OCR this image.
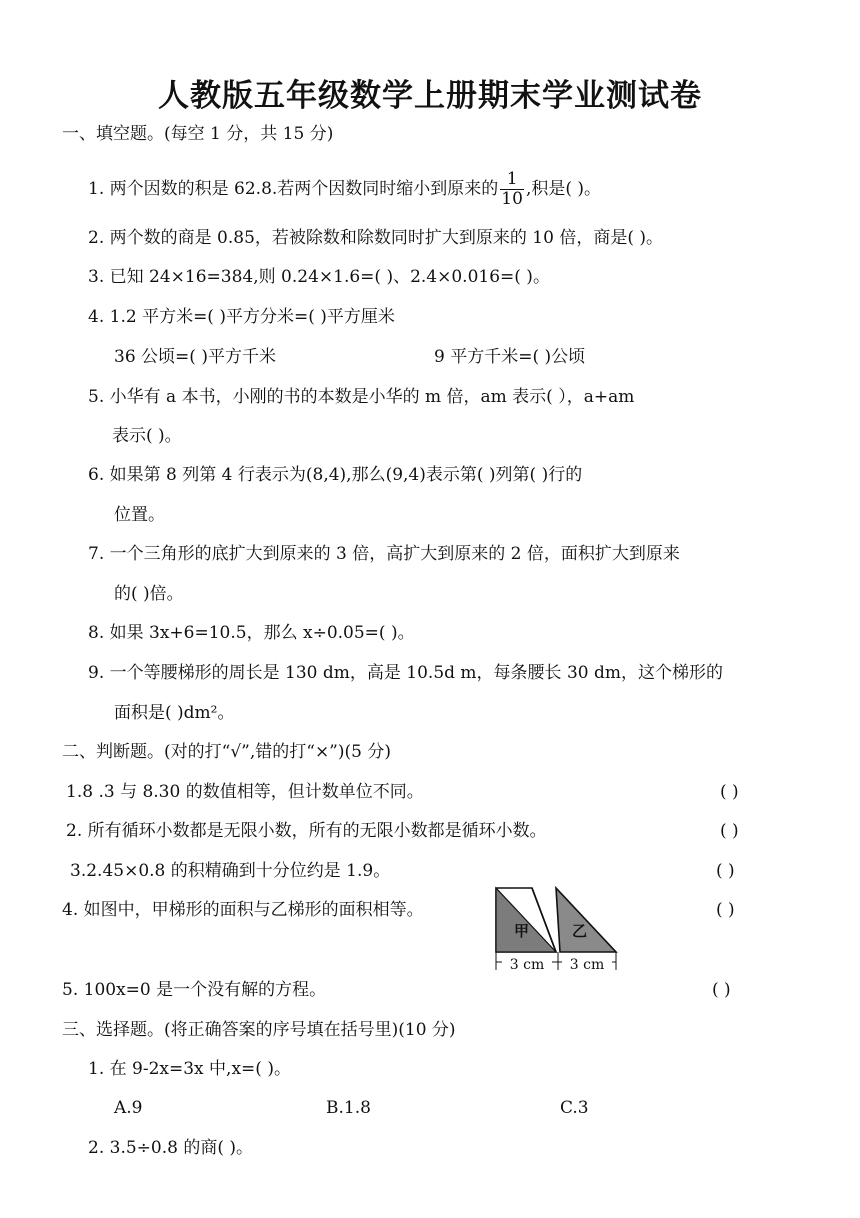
人教版五年级数学上册期末学业测试卷
一、填空题。(每空 1 分，共 15 分)
1. 两个因数的积是 62.8.若两个因数同时缩小到原来的 $\frac{1}{10}$ ,积是( )。
2. 两个数的商是 0.85，若被除数和除数同时扩大到原来的 10 倍，商是( )。
3. 已知 24×16=384,则 0.24×1.6=( )、2.4×0.016=( )。
4. 1.2 平方米=( )平方分米=( )平方厘米
36 公顷=( )平方千米	9 平方千米=( )公顷
5. 小华有 a 本书，小刚的书的本数是小华的 m 倍，am 表示( ），a+am
表示( )。
6. 如果第 8 列第 4 行表示为(8,4),那么(9,4)表示第( )列第( )行的
位置。
7. 一个三角形的底扩大到原来的 3 倍，高扩大到原来的 2 倍，面积扩大到原来
的( )倍。
8. 如果 3x+6=10.5，那么 x÷0.05=( )。
9. 一个等腰梯形的周长是 130 dm，高是 10.5d m，每条腰长 30 dm，这个梯形的
面积是( )dm²。
二、判断题。(对的打“√”,错的打“×”)(5 分)
1.8 .3 与 8.30 的数值相等，但计数单位不同。	( )
2. 所有循环小数都是无限小数，所有的无限小数都是循环小数。	( )
3.2.45×0.8 的积精确到十分位约是 1.9。	( )
4. 如图中，甲梯形的面积与乙梯形的面积相等。	( )
甲	乙
3 cm 3 cm
5. 100x=0 是一个没有解的方程。	( )
三、选择题。(将正确答案的序号填在括号里)(10 分)
1. 在 9-2x=3x 中,x=( )。
A.9	B.1.8	C.3
2. 3.5÷0.8 的商( )。
